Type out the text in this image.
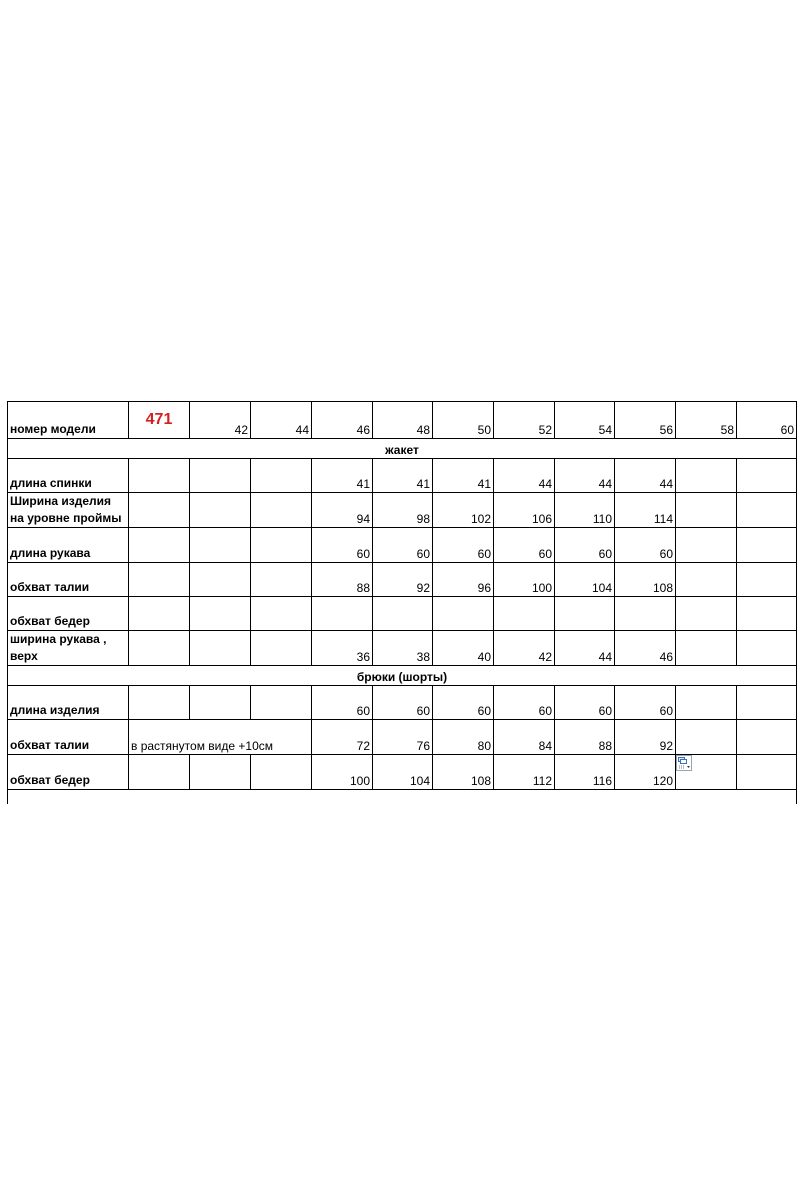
номер модели	471	42	44	46	48	50	52	54	56	58	60
жакет											
длина спинки				41	41	41	44	44	44		
Ширина изделия на уровне проймы				94	98	102	106	110	114		
длина рукава				60	60	60	60	60	60		
обхват талии				88	92	96	100	104	108		
обхват бедер											
ширина рукава , верх				36	38	40	42	44	46		
брюки (шорты)											
длина изделия				60	60	60	60	60	60		
обхват талии	в растянутом виде +10см			72	76	80	84	88	92		
обхват бедер				100	104	108	112	116	120		
